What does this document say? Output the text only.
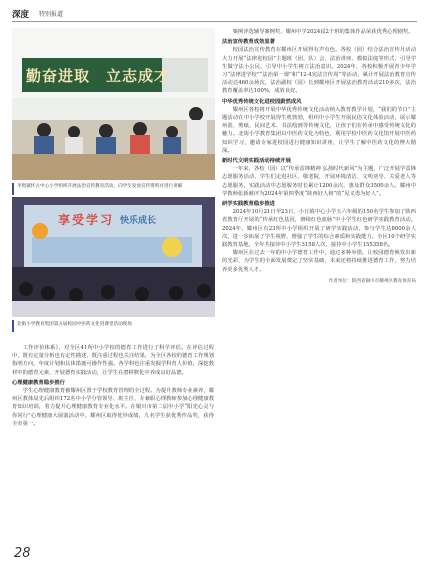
深度 特别报道
勤奋进取 立志成才
李集镇怀古中心小学组织开展法治宣传教育活动，向学生发放宣传资料并进行讲解
享受学习 快乐成长
北街小学教育集团第五届校园中医药文化进课堂活动现场

工作评价体系》，对全区41所中小学校的德育工作进行了科学评估。在评估过程中，既有定量分析也有定性描述，既注重过程也关注结果，为全区各校的德育工作规划指明方向，年度计划和具体措施可操作性强。各学科也注重发掘学科育人价值，深挖教材中的德育元素，开展德育实践活动，让学生在潜移默化中养成良好品德。

心理健康教育稳步推行

学生心理健康教育被耀州区置于学校教育管理的全过程。为提升教师专业素养，耀州区教体局先后组织172名中小学分管领导、班主任、专兼职心理教师参加心理健康教育知识培训，着力提升心理健康教育专业化水平。在铜川市第二届中小学“阳光心灵与你同行”心理健康大展演活动中，耀州区取得优异成绩，九名学生获优秀作品奖，获得全市第一。

案例评选辅导案例奖，耀州中学2024届2个班的集体作品荣获优秀心理剧奖。

法治宣传教育成效显著

校园法治宣传教育在耀州区开展得有声有色。各校（园）结合法治宣传月活动大力开展“法律进校园”主题班（团、队）会、法治讲座、模拟法庭等形式，引导学生做守法小公民，引导中小学生树立法治意识。2024年，各校积极开展青少年学习“法律进学校”“法治第一课”和“12·4宪法宣传周”等活动，累计开展法治教育宣传活动达460余场次，法治副校（园）长到耀州区开展法治教育活动210多次，法治教育覆盖率达100%，成效良好。

中华优秀传统文化进校园蔚然成风

耀州区各校将开展中华优秀传统文化活动纳入教育教学计划，“我们的节日”主题活动在中小学校开展得生机勃勃，组织中小学生开展民俗文化体验活动，展示耀州瓷、剪纸、民间艺术、书法绘画等传统文化，让孩子们在传承中感受传统文化的魅力。北街小学教育集团以中医药文化为特色，利用学校中医药文化馆开展中医药知识学习，邀请专家进校园进行健康知识讲座，让学生了解中医药文化的博大精深。

新时代文明实践活动持续开展

一年来，各校（园）以“传承雷锋精神 弘扬时代新风”为主题，广泛开展学雷锋志愿服务活动，学生们走进社区、敬老院，开展环境清洁、文明劝导、关爱老人等志愿服务，实践活动中志愿服务时长累计1200余次，惠及群众3500余人。耀州中学教师张新被评为2024年第四季度“陕西好人榜”的“见义勇为好人”。

研学实践教育稳步推进

2024年10月21日至23日，小丘镇中心小学五六年级的150名学生参加了陕西省教育厅开展的“传承红色基因，赓续红色血脉”中小学生红色研学实践教育活动。2024年，耀州区有23所中小学组织开展了研学实践活动，参与学生达8000余人次，进一步拓展了学生视野，增强了学生的综合素质和实践能力。全区10个研学实践教育基地，全年共接待中小学生3158人次，接待中小学生155358名。

耀州区在过去一年的中小学德育工作中，通过多种举措，让校园德育焕发出新的光彩，为学生的全面发展奠定了坚实基础，未来还将持续推进德育工作，努力培养更多优秀人才。

作者单位：陕西省铜川市耀州区教育体育局

28
